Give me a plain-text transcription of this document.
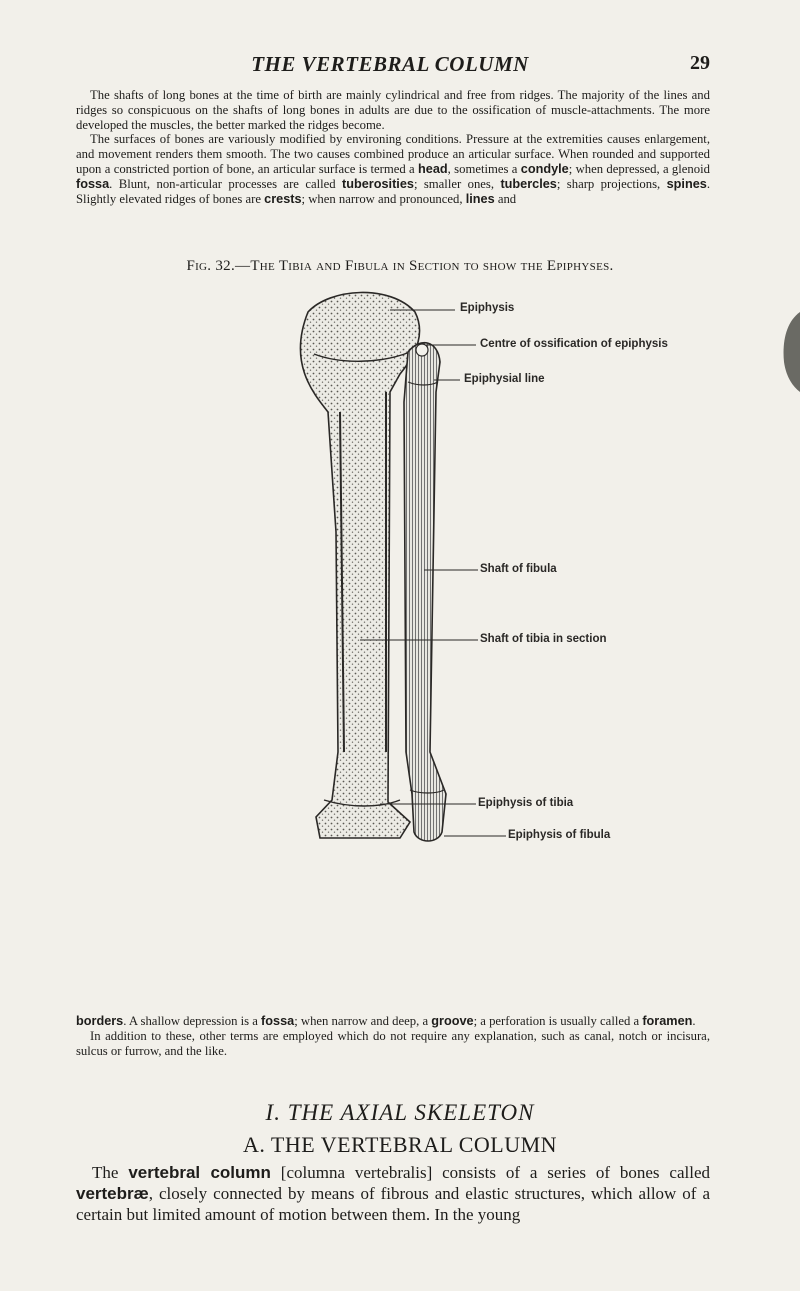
THE VERTEBRAL COLUMN	29

The shafts of long bones at the time of birth are mainly cylindrical and free from ridges. The majority of the lines and ridges so conspicuous on the shafts of long bones in adults are due to the ossification of muscle-attachments. The more developed the muscles, the better marked the ridges become.

The surfaces of bones are variously modified by environing conditions. Pressure at the extremities causes enlargement, and movement renders them smooth. The two causes combined produce an articular surface. When rounded and supported upon a constricted portion of bone, an articular surface is termed a head, sometimes a condyle; when depressed, a glenoid fossa. Blunt, non-articular processes are called tuberosities; smaller ones, tubercles; sharp projections, spines. Slightly elevated ridges of bones are crests; when narrow and pronounced, lines and

Fig. 32.—The Tibia and Fibula in Section to show the Epiphyses.
Epiphysis
Centre of ossification of epiphysis
Epiphysial line
Shaft of fibula
Shaft of tibia in section
Epiphysis of tibia
Epiphysis of fibula

borders. A shallow depression is a fossa; when narrow and deep, a groove; a perforation is usually called a foramen.

In addition to these, other terms are employed which do not require any explanation, such as canal, notch or incisura, sulcus or furrow, and the like.

I. THE AXIAL SKELETON
A. THE VERTEBRAL COLUMN

The vertebral column [columna vertebralis] consists of a series of bones called vertebræ, closely connected by means of fibrous and elastic structures, which allow of a certain but limited amount of motion between them. In the young
